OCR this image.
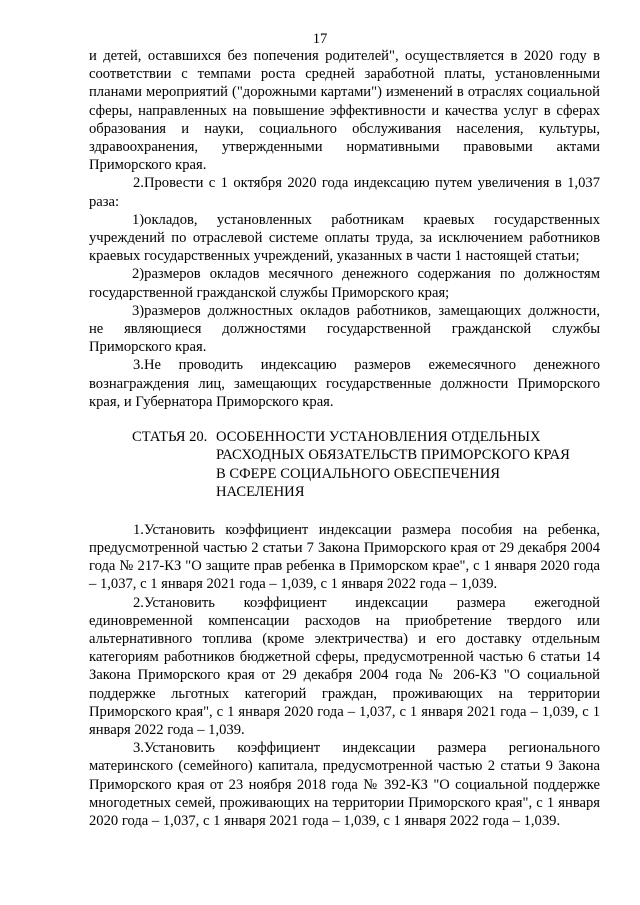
17

и детей, оставшихся без попечения родителей", осуществляется в 2020 году в соответствии с темпами роста средней заработной платы, установленными планами мероприятий ("дорожными картами") изменений в отраслях социальной сферы, направленных на повышение эффективности и качества услуг в сферах образования и науки, социального обслуживания населения, культуры, здравоохранения, утвержденными нормативными правовыми актами Приморского края.

2.Провести с 1 октября 2020 года индексацию путем увеличения в 1,037 раза:

1)окладов, установленных работникам краевых государственных учреждений по отраслевой системе оплаты труда, за исключением работников краевых государственных учреждений, указанных в части 1 настоящей статьи;

2)размеров окладов месячного денежного содержания по должностям государственной гражданской службы Приморского края;

3)размеров должностных окладов работников, замещающих должности, не являющиеся должностями государственной гражданской службы Приморского края.

3.Не проводить индексацию размеров ежемесячного денежного вознаграждения лиц, замещающих государственные должности Приморского края, и Губернатора Приморского края.

СТАТЬЯ 20. ОСОБЕННОСТИ УСТАНОВЛЕНИЯ ОТДЕЛЬНЫХ
РАСХОДНЫХ ОБЯЗАТЕЛЬСТВ ПРИМОРСКОГО КРАЯ
В СФЕРЕ СОЦИАЛЬНОГО ОБЕСПЕЧЕНИЯ
НАСЕЛЕНИЯ

1.Установить коэффициент индексации размера пособия на ребенка, предусмотренной частью 2 статьи 7 Закона Приморского края от 29 декабря 2004 года № 217-КЗ "О защите прав ребенка в Приморском крае", с 1 января 2020 года – 1,037, с 1 января 2021 года – 1,039, с 1 января 2022 года – 1,039.

2.Установить коэффициент индексации размера ежегодной единовременной компенсации расходов на приобретение твердого или альтернативного топлива (кроме электричества) и его доставку отдельным категориям работников бюджетной сферы, предусмотренной частью 6 статьи 14 Закона Приморского края от 29 декабря 2004 года № 206-КЗ "О социальной поддержке льготных категорий граждан, проживающих на территории Приморского края", с 1 января 2020 года – 1,037, с 1 января 2021 года – 1,039, с 1 января 2022 года – 1,039.

3.Установить коэффициент индексации размера регионального материнского (семейного) капитала, предусмотренной частью 2 статьи 9 Закона Приморского края от 23 ноября 2018 года № 392-КЗ "О социальной поддержке многодетных семей, проживающих на территории Приморского края", с 1 января 2020 года – 1,037, с 1 января 2021 года – 1,039, с 1 января 2022 года – 1,039.
